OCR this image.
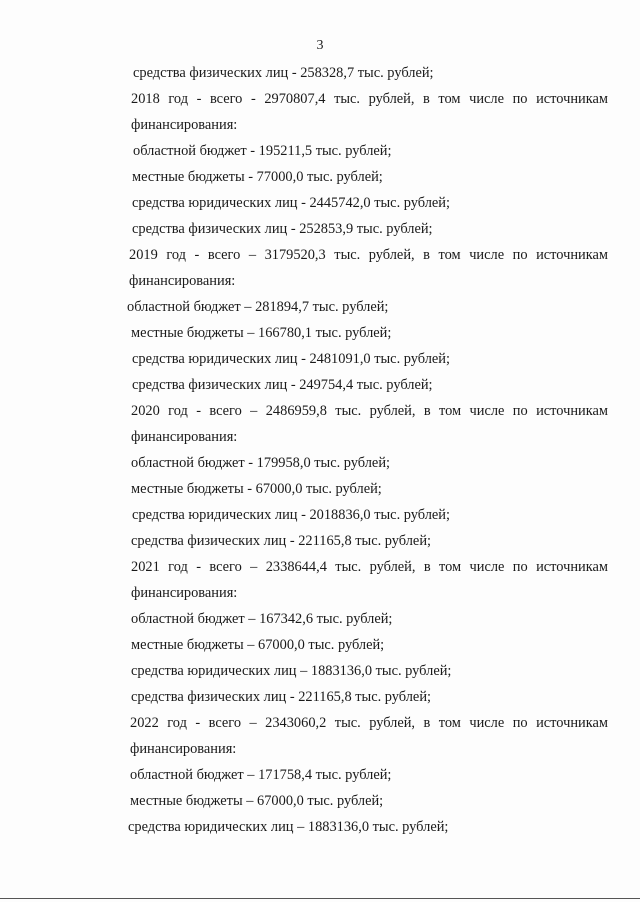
3
средства физических лиц - 258328,7 тыс. рублей;
2018 год - всего - 2970807,4 тыс. рублей, в том числе по источникам
финансирования:
областной бюджет - 195211,5 тыс. рублей;
местные бюджеты - 77000,0 тыс. рублей;
средства юридических лиц - 2445742,0 тыс. рублей;
средства физических лиц - 252853,9 тыс. рублей;
2019 год - всего – 3179520,3 тыс. рублей, в том числе по источникам
финансирования:
областной бюджет – 281894,7 тыс. рублей;
местные бюджеты – 166780,1 тыс. рублей;
средства юридических лиц - 2481091,0 тыс. рублей;
средства физических лиц - 249754,4 тыс. рублей;
2020 год - всего – 2486959,8 тыс. рублей, в том числе по источникам
финансирования:
областной бюджет - 179958,0 тыс. рублей;
местные бюджеты - 67000,0 тыс. рублей;
средства юридических лиц - 2018836,0 тыс. рублей;
средства физических лиц - 221165,8 тыс. рублей;
2021 год - всего – 2338644,4 тыс. рублей, в том числе по источникам
финансирования:
областной бюджет – 167342,6 тыс. рублей;
местные бюджеты – 67000,0 тыс. рублей;
средства юридических лиц – 1883136,0 тыс. рублей;
средства физических лиц - 221165,8 тыс. рублей;
2022 год - всего – 2343060,2 тыс. рублей, в том числе по источникам
финансирования:
областной бюджет – 171758,4 тыс. рублей;
местные бюджеты – 67000,0 тыс. рублей;
средства юридических лиц – 1883136,0 тыс. рублей;
